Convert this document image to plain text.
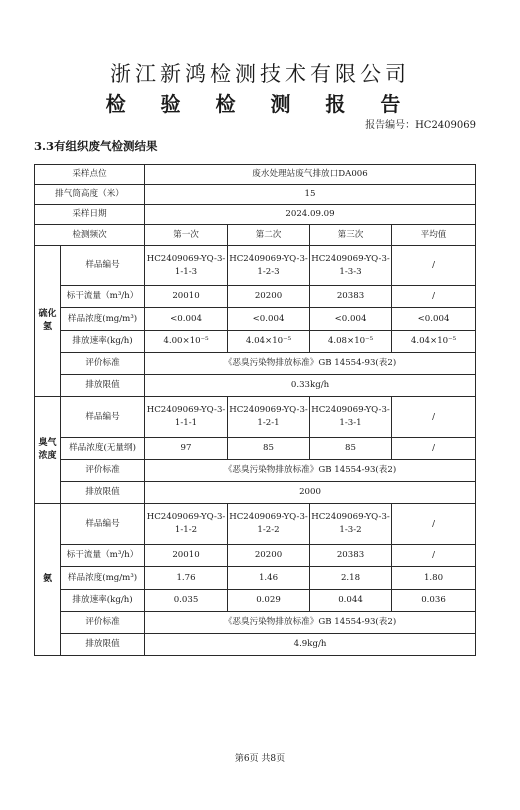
浙江新鸿检测技术有限公司
检 验 检 测 报 告
报告编号：HC2409069
3.3有组织废气检测结果
采样点位		废水处理站废气排放口DA006			
排气筒高度（米）		15			
采样日期		2024.09.09			
检测频次		第一次	第二次	第三次	平均值
硫化氢	样品编号	HC2409069-YQ-3-1-1-3	HC2409069-YQ-3-1-2-3	HC2409069-YQ-3-1-3-3	/
	标干流量（m³/h）	20010	20200	20383	/
	样品浓度(mg/m³)	<0.004	<0.004	<0.004	<0.004
	排放速率(kg/h)	4.00×10⁻⁵	4.04×10⁻⁵	4.08×10⁻⁵	4.04×10⁻⁵
	评价标准	《恶臭污染物排放标准》GB 14554-93(表2)			
	排放限值	0.33kg/h			
臭气浓度	样品编号	HC2409069-YQ-3-1-1-1	HC2409069-YQ-3-1-2-1	HC2409069-YQ-3-1-3-1	/
	样品浓度(无量纲)	97	85	85	/
	评价标准	《恶臭污染物排放标准》GB 14554-93(表2)			
	排放限值	2000			
氨	样品编号	HC2409069-YQ-3-1-1-2	HC2409069-YQ-3-1-2-2	HC2409069-YQ-3-1-3-2	/
	标干流量（m³/h）	20010	20200	20383	/
	样品浓度(mg/m³)	1.76	1.46	2.18	1.80
	排放速率(kg/h)	0.035	0.029	0.044	0.036
	评价标准	《恶臭污染物排放标准》GB 14554-93(表2)			
	排放限值	4.9kg/h			
第6页 共8页
